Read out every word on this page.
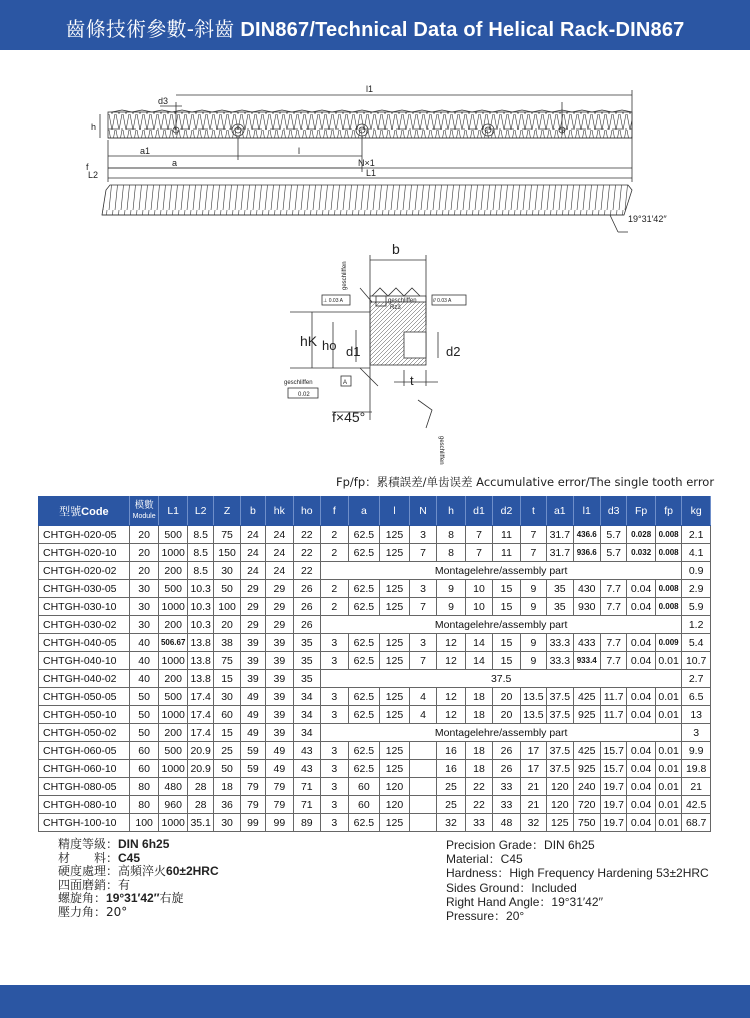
齒條技術參數-斜齒 DIN867/Technical Data of Helical Rack-DIN867
l1
d3
h
a1
a
l
N×1
L1
L2
f
19°31′42′′
b
hK ho d1	d2
t
f×45°
geschliffen
geschliffen
geschliffen
geschliffen
Rz3
0.02
A
⊥ 0.03 A	// 0.03 A
Fp/fp：累積誤差/单齿误差 Accumulative error/The single tooth error
型號Code	模數
Module	L1	L2	Z	b	hk	ho	f	a	l	N	h	d1	d2	t	a1	l1	d3	Fp	fp	kg
CHTGH-020-05	20	500	8.5	75	24	24	22	2	62.5	125	3	8	7	11	7	31.7	436.6	5.7	0.028	0.008	2.1
CHTGH-020-10	20	1000	8.5	150	24	24	22	2	62.5	125	7	8	7	11	7	31.7	936.6	5.7	0.032	0.008	4.1
CHTGH-020-02	20	200	8.5	30	24	24	22	Montagelehre/assembly part													0.9
CHTGH-030-05	30	500	10.3	50	29	29	26	2	62.5	125	3	9	10	15	9	35	430	7.7	0.04	0.008	2.9
CHTGH-030-10	30	1000	10.3	100	29	29	26	2	62.5	125	7	9	10	15	9	35	930	7.7	0.04	0.008	5.9
CHTGH-030-02	30	200	10.3	20	29	29	26	Montagelehre/assembly part													1.2
CHTGH-040-05	40	506.67	13.8	38	39	39	35	3	62.5	125	3	12	14	15	9	33.3	433	7.7	0.04	0.009	5.4
CHTGH-040-10	40	1000	13.8	75	39	39	35	3	62.5	125	7	12	14	15	9	33.3	933.4	7.7	0.04	0.01	10.7
CHTGH-040-02	40	200	13.8	15	39	39	35	37.5													2.7
CHTGH-050-05	50	500	17.4	30	49	39	34	3	62.5	125	4	12	18	20	13.5	37.5	425	11.7	0.04	0.01	6.5
CHTGH-050-10	50	1000	17.4	60	49	39	34	3	62.5	125	4	12	18	20	13.5	37.5	925	11.7	0.04	0.01	13
CHTGH-050-02	50	200	17.4	15	49	39	34	Montagelehre/assembly part													3
CHTGH-060-05	60	500	20.9	25	59	49	43	3	62.5	125		16	18	26	17	37.5	425	15.7	0.04	0.01	9.9
CHTGH-060-10	60	1000	20.9	50	59	49	43	3	62.5	125		16	18	26	17	37.5	925	15.7	0.04	0.01	19.8
CHTGH-080-05	80	480	28	18	79	79	71	3	60	120		25	22	33	21	120	240	19.7	0.04	0.01	21
CHTGH-080-10	80	960	28	36	79	79	71	3	60	120		25	22	33	21	120	720	19.7	0.04	0.01	42.5
CHTGH-100-10	100	1000	35.1	30	99	99	89	3	62.5	125		32	33	48	32	125	750	19.7	0.04	0.01	68.7
精度等級：DIN 6h25
材　　料：C45
硬度處理：高頻淬火60±2HRC
四面磨銷：有
螺旋角：19°31′42′′右旋
壓力角：20°
Precision Grade：DIN 6h25
Material：C45
Hardness：High Frequency Hardening 53±2HRC
Sides Ground：Included
Right Hand Angle：19°31′42′′
Pressure：20°
